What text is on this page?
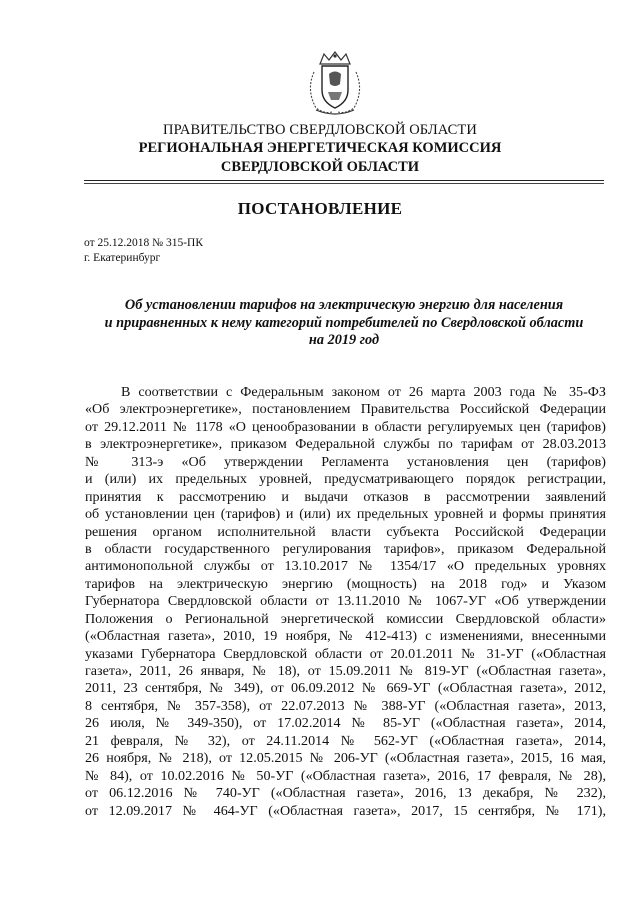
ПРАВИТЕЛЬСТВО СВЕРДЛОВСКОЙ ОБЛАСТИ
РЕГИОНАЛЬНАЯ ЭНЕРГЕТИЧЕСКАЯ КОМИССИЯ
СВЕРДЛОВСКОЙ ОБЛАСТИ
ПОСТАНОВЛЕНИЕ
от 25.12.2018 № 315-ПК
г. Екатеринбург
Об установлении тарифов на электрическую энергию для населения
и приравненных к нему категорий потребителей по Свердловской области
на 2019 год
В соответствии с Федеральным законом от 26 марта 2003 года № 35-ФЗ
«Об электроэнергетике», постановлением Правительства Российской Федерации
от 29.12.2011 № 1178 «О ценообразовании в области регулируемых цен (тарифов)
в электроэнергетике», приказом Федеральной службы по тарифам от 28.03.2013
№ 313-э «Об утверждении Регламента установления цен (тарифов)
и (или) их предельных уровней, предусматривающего порядок регистрации,
принятия к рассмотрению и выдачи отказов в рассмотрении заявлений
об установлении цен (тарифов) и (или) их предельных уровней и формы принятия
решения органом исполнительной власти субъекта Российской Федерации
в области государственного регулирования тарифов», приказом Федеральной
антимонопольной службы от 13.10.2017 № 1354/17 «О предельных уровнях
тарифов на электрическую энергию (мощность) на 2018 год» и Указом
Губернатора Свердловской области от 13.11.2010 № 1067-УГ «Об утверждении
Положения о Региональной энергетической комиссии Свердловской области»
(«Областная газета», 2010, 19 ноября, № 412-413) с изменениями, внесенными
указами Губернатора Свердловской области от 20.01.2011 № 31-УГ («Областная
газета», 2011, 26 января, № 18), от 15.09.2011 № 819-УГ («Областная газета»,
2011, 23 сентября, № 349), от 06.09.2012 № 669-УГ («Областная газета», 2012,
8 сентября, № 357-358), от 22.07.2013 № 388-УГ («Областная газета», 2013,
26 июля, № 349-350), от 17.02.2014 № 85-УГ («Областная газета», 2014,
21 февраля, № 32), от 24.11.2014 № 562-УГ («Областная газета», 2014,
26 ноября, № 218), от 12.05.2015 № 206-УГ («Областная газета», 2015, 16 мая,
№ 84), от 10.02.2016 № 50-УГ («Областная газета», 2016, 17 февраля, № 28),
от 06.12.2016 № 740-УГ («Областная газета», 2016, 13 декабря, № 232),
от 12.09.2017 № 464-УГ («Областная газета», 2017, 15 сентября, № 171),
